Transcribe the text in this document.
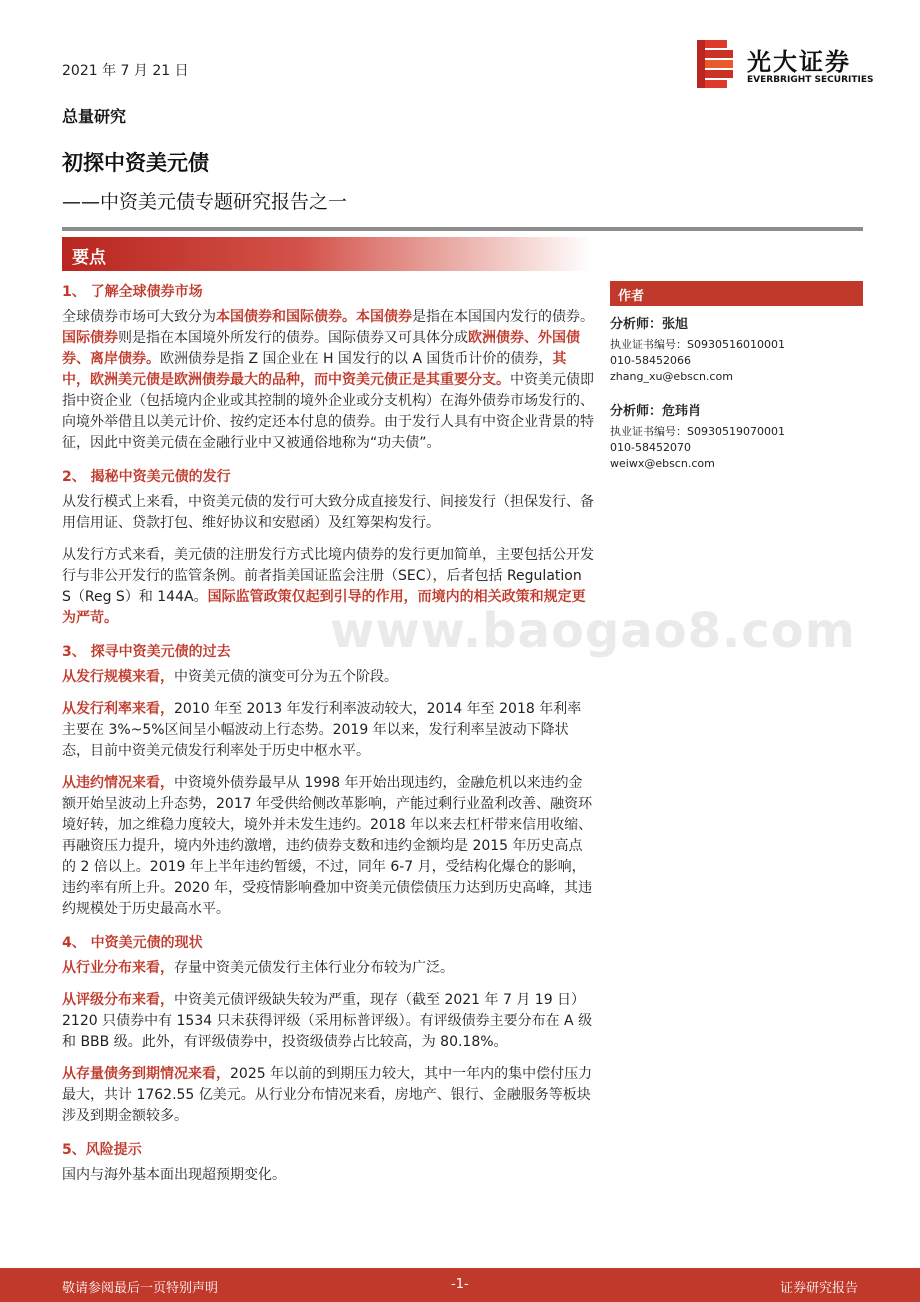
2021 年 7 月 21 日	光大证券
EVERBRIGHT SECURITIES
总量研究
初探中资美元债
——中资美元债专题研究报告之一
要点
1、 了解全球债券市场

全球债券市场可大致分为本国债券和国际债券。本国债券是指在本国国内发行的债券。国际债券则是指在本国境外所发行的债券。国际债券又可具体分成欧洲债券、外国债券、离岸债券。欧洲债券是指 Z 国企业在 H 国发行的以 A 国货币计价的债券，其中，欧洲美元债是欧洲债券最大的品种，而中资美元债正是其重要分支。中资美元债即指中资企业（包括境内企业或其控制的境外企业或分支机构）在海外债券市场发行的、向境外举借且以美元计价、按约定还本付息的债券。由于发行人具有中资企业背景的特征，因此中资美元债在金融行业中又被通俗地称为“功夫债”。

2、 揭秘中资美元债的发行

从发行模式上来看，中资美元债的发行可大致分成直接发行、间接发行（担保发行、备用信用证、贷款打包、维好协议和安慰函）及红筹架构发行。

从发行方式来看，美元债的注册发行方式比境内债券的发行更加简单，主要包括公开发行与非公开发行的监管条例。前者指美国证监会注册（SEC），后者包括 Regulation S（Reg S）和 144A。国际监管政策仅起到引导的作用，而境内的相关政策和规定更为严苛。

3、 探寻中资美元债的过去

从发行规模来看，中资美元债的演变可分为五个阶段。

从发行利率来看，2010 年至 2013 年发行利率波动较大，2014 年至 2018 年利率主要在 3%~5%区间呈小幅波动上行态势。2019 年以来，发行利率呈波动下降状态，目前中资美元债发行利率处于历史中枢水平。

从违约情况来看，中资境外债券最早从 1998 年开始出现违约，金融危机以来违约金额开始呈波动上升态势，2017 年受供给侧改革影响，产能过剩行业盈利改善、融资环境好转，加之维稳力度较大，境外并未发生违约。2018 年以来去杠杆带来信用收缩、再融资压力提升，境内外违约激增，违约债券支数和违约金额均是 2015 年历史高点的 2 倍以上。2019 年上半年违约暂缓，不过，同年 6-7 月，受结构化爆仓的影响，违约率有所上升。2020 年，受疫情影响叠加中资美元债偿债压力达到历史高峰，其违约规模处于历史最高水平。

4、 中资美元债的现状

从行业分布来看，存量中资美元债发行主体行业分布较为广泛。

从评级分布来看，中资美元债评级缺失较为严重，现存（截至 2021 年 7 月 19 日）2120 只债券中有 1534 只未获得评级（采用标普评级）。有评级债券主要分布在 A 级和 BBB 级。此外，有评级债券中，投资级债券占比较高，为 80.18%。

从存量债务到期情况来看，2025 年以前的到期压力较大，其中一年内的集中偿付压力最大，共计 1762.55 亿美元。从行业分布情况来看，房地产、银行、金融服务等板块涉及到期金额较多。

5、风险提示

国内与海外基本面出现超预期变化。

作者
分析师：张旭
执业证书编号：S0930516010001
010-58452066
zhang_xu@ebscn.com
分析师：危玮肖
执业证书编号：S0930519070001
010-58452070
weiwx@ebscn.com
www.baogao8.com
敬请参阅最后一页特别声明	-1-	证券研究报告
